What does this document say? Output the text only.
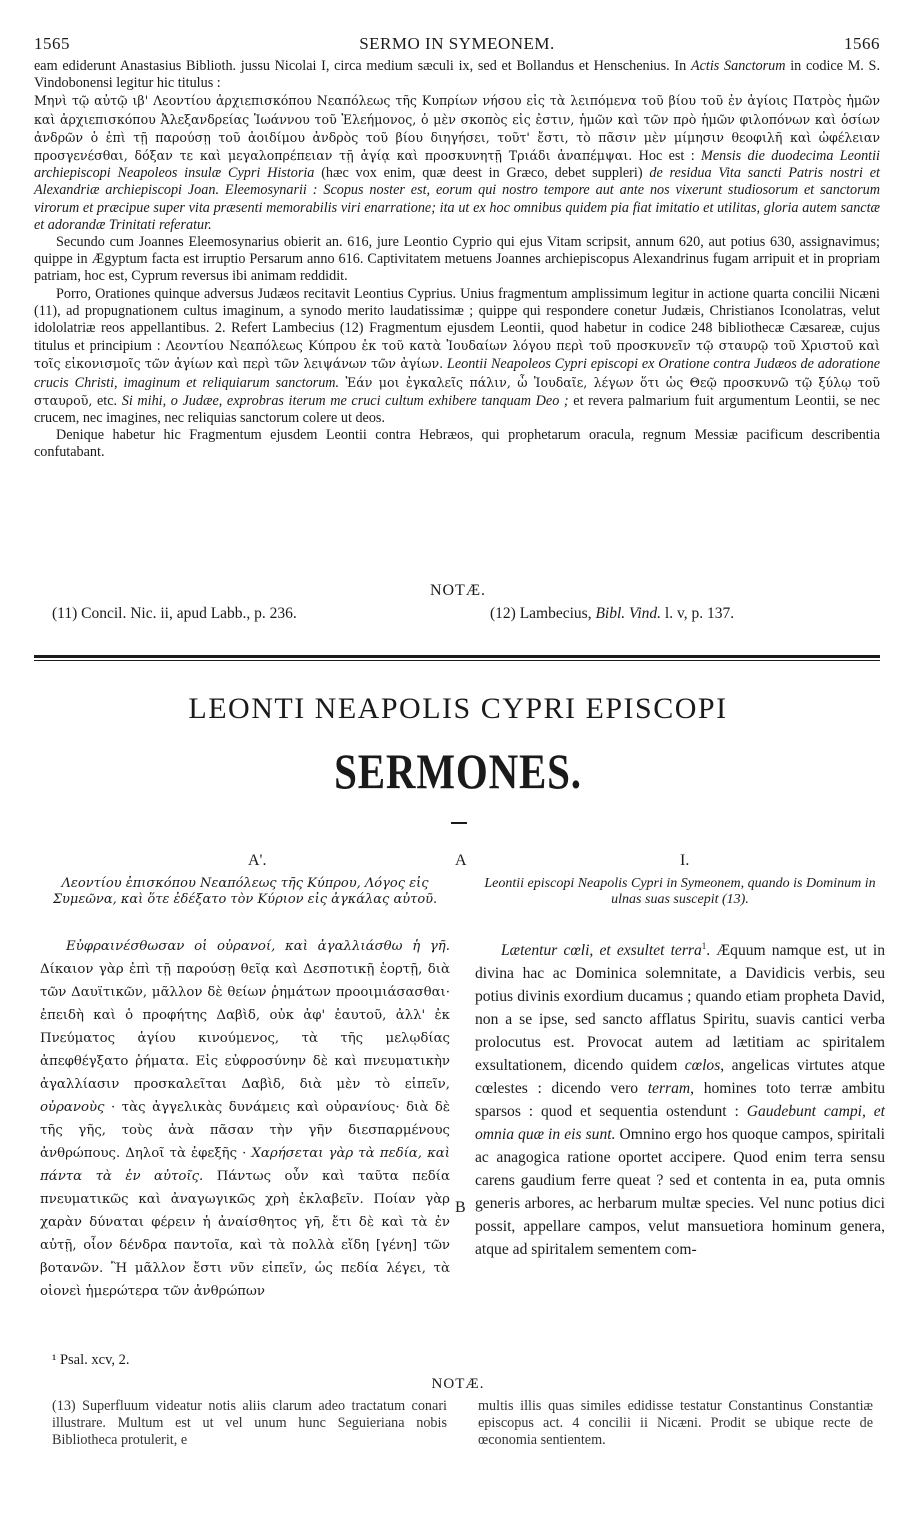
1565	SERMO IN SYMEONEM.	1566

eam ediderunt Anastasius Biblioth. jussu Nicolai I, circa medium sæculi ix, sed et Bollandus et Henschenius. In Actis Sanctorum in codice M. S. Vindobonensi legitur hic titulus :

Μηνὶ τῷ αὐτῷ ιβ' Λεοντίου ἀρχιεπισκόπου Νεαπόλεως τῆς Κυπρίων νήσου εἰς τὰ λειπόμενα τοῦ βίου τοῦ ἐν ἁγίοις Πατρὸς ἡμῶν καὶ ἀρχιεπισκόπου Ἀλεξανδρείας Ἰωάννου τοῦ Ἐλεήμονος, ὁ μὲν σκοπὸς εἰς ἐστιν, ἡμῶν καὶ τῶν πρὸ ἡμῶν φιλοπόνων καὶ ὁσίων ἀνδρῶν ὁ ἐπὶ τῇ παρούσῃ τοῦ ἀοιδίμου ἀνδρὸς τοῦ βίου διηγήσει, τοῦτ' ἔστι, τὸ πᾶσιν μὲν μίμησιν θεοφιλῆ καὶ ὠφέλειαν προσγενέσθαι, δόξαν τε καὶ μεγαλοπρέπειαν τῇ ἁγίᾳ καὶ προσκυνητῇ Τριάδι ἀναπέμψαι. Hoc est : Mensis die duodecima Leontii archiepiscopi Neapoleos insulæ Cypri Historia (hæc vox enim, quæ deest in Græco, debet suppleri) de residua Vita sancti Patris nostri et Alexandriæ archiepiscopi Joan. Eleemosynarii : Scopus noster est, eorum qui nostro tempore aut ante nos vixerunt studiosorum et sanctorum virorum et præcipue super vita præsenti memorabilis viri enarratione; ita ut ex hoc omnibus quidem pia fiat imitatio et utilitas, gloria autem sanctæ et adorandæ Trinitati referatur.

Secundo cum Joannes Eleemosynarius obierit an. 616, jure Leontio Cyprio qui ejus Vitam scripsit, annum 620, aut potius 630, assignavimus; quippe in Ægyptum facta est irruptio Persarum anno 616. Captivitatem metuens Joannes archiepiscopus Alexandrinus fugam arripuit et in propriam patriam, hoc est, Cyprum reversus ibi animam reddidit.

Porro, Orationes quinque adversus Judæos recitavit Leontius Cyprius. Unius fragmentum amplissimum legitur in actione quarta concilii Nicæni (11), ad propugnationem cultus imaginum, a synodo merito laudatissimæ ; quippe qui respondere conetur Judæis, Christianos Iconolatras, velut idololatriæ reos appellantibus. 2. Refert Lambecius (12) Fragmentum ejusdem Leontii, quod habetur in codice 248 bibliothecæ Cæsareæ, cujus titulus et principium : Λεοντίου Νεαπόλεως Κύπρου ἐκ τοῦ κατὰ Ἰουδαίων λόγου περὶ τοῦ προσκυνεῖν τῷ σταυρῷ τοῦ Χριστοῦ καὶ τοῖς εἰκονισμοῖς τῶν ἁγίων καὶ περὶ τῶν λειψάνων τῶν ἁγίων. Leontii Neapoleos Cypri episcopi ex Oratione contra Judæos de adoratione crucis Christi, imaginum et reliquiarum sanctorum. Ἐάν μοι ἐγκαλεῖς πάλιν, ὦ Ἰουδαῖε, λέγων ὅτι ὡς Θεῷ προσκυνῶ τῷ ξύλῳ τοῦ σταυροῦ, etc. Si mihi, o Judæe, exprobras iterum me cruci cultum exhibere tanquam Deo ; et revera palmarium fuit argumentum Leontii, se nec crucem, nec imagines, nec reliquias sanctorum colere ut deos.

Denique habetur hic Fragmentum ejusdem Leontii contra Hebræos, qui prophetarum oracula, regnum Messiæ pacificum describentia confutabant.

NOTÆ.
(11) Concil. Nic. ii, apud Labb., p. 236.	(12) Lambecius, Bibl. Vind. l. v, p. 137.
LEONTI NEAPOLIS CYPRI EPISCOPI
SERMONES.
Α'.	A	I.
Λεοντίου ἐπισκόπου Νεαπόλεως τῆς Κύπρου, Λόγος εἰς Συμεῶνα, καὶ ὅτε ἐδέξατο τὸν Κύριον εἰς ἀγκάλας αὐτοῦ.
Leontii episcopi Neapolis Cypri in Symeonem, quando is Dominum in ulnas suas suscepit (13).

Εὐφραινέσθωσαν οἱ οὐρανοί, καὶ ἀγαλλιάσθω ἡ γῆ. Δίκαιον γὰρ ἐπὶ τῇ παρούσῃ θεῖᾳ καὶ Δεσποτικῇ ἑορτῇ, διὰ τῶν Δαυϊτικῶν, μᾶλλον δὲ θείων ῥημάτων προοιμιάσασθαι· ἐπειδὴ καὶ ὁ προφήτης Δαβὶδ, οὐκ ἀφ' ἑαυτοῦ, ἀλλ' ἐκ Πνεύματος ἁγίου κινούμενος, τὰ τῆς μελῳδίας ἀπεφθέγξατο ῥήματα. Εἰς εὐφροσύνην δὲ καὶ πνευματικὴν ἀγαλλίασιν προσκαλεῖται Δαβὶδ, διὰ μὲν τὸ εἰπεῖν, οὐρανοὺς · τὰς ἀγγελικὰς δυνάμεις καὶ οὐρανίους· διὰ δὲ τῆς γῆς, τοὺς ἀνὰ πᾶσαν τὴν γῆν διεσπαρμένους ἀνθρώπους. Δηλοῖ τὰ ἐφεξῆς · Χαρήσεται γὰρ τὰ πεδία, καὶ πάντα τὰ ἐν αὐτοῖς. Πάντως οὖν καὶ ταῦτα πεδία πνευματικῶς καὶ ἀναγωγικῶς χρὴ ἐκλαβεῖν. Ποίαν γὰρ χαρὰν δύναται φέρειν ἡ ἀναίσθητος γῆ, ἔτι δὲ καὶ τὰ ἐν αὐτῇ, οἷον δένδρα παντοῖα, καὶ τὰ πολλὰ εἴδη [γένη] τῶν βοτανῶν. Ἢ μᾶλλον ἔστι νῦν εἰπεῖν, ὡς πεδία λέγει, τὰ οἱονεὶ ἡμερώτερα τῶν ἀνθρώπων

B

Lætentur cœli, et exsultet terra$^1$. Æquum namque est, ut in divina hac ac Dominica solemnitate, a Davidicis verbis, seu potius divinis exordium ducamus ; quando etiam propheta David, non a se ipse, sed sancto afflatus Spiritu, suavis cantici verba prolocutus est. Provocat autem ad lætitiam ac spiritalem exsultationem, dicendo quidem cœlos, angelicas virtutes atque cœlestes : dicendo vero terram, homines toto terræ ambitu sparsos : quod et sequentia ostendunt : Gaudebunt campi, et omnia quæ in eis sunt. Omnino ergo hos quoque campos, spiritali ac anagogica ratione oportet accipere. Quod enim terra sensu carens gaudium ferre queat ? sed et contenta in ea, puta omnis generis arbores, ac herbarum multæ species. Vel nunc potius dici possit, appellare campos, velut mansuetiora hominum genera, atque ad spiritalem sementem com-

¹ Psal. xcv, 2.
NOTÆ.

(13) Superfluum videatur notis aliis clarum adeo tractatum conari illustrare. Multum est ut vel unum hunc Seguieriana nobis Bibliotheca protulerit, e

multis illis quas similes edidisse testatur Constantinus Constantiæ episcopus act. 4 concilii ii Nicæni. Prodit se ubique recte de œconomia sentientem.
